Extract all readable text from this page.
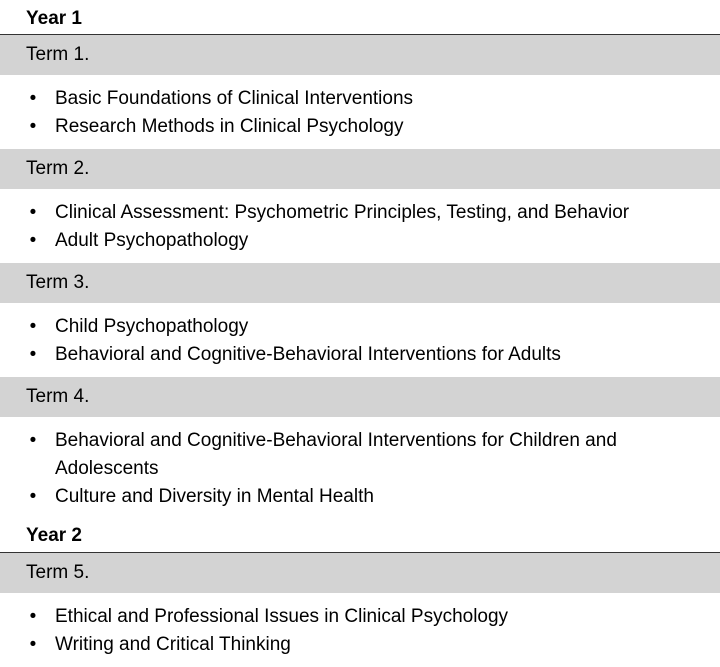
Year 1
Term 1.
• Basic Foundations of Clinical Interventions
• Research Methods in Clinical Psychology
Term 2.
• Clinical Assessment: Psychometric Principles, Testing, and Behavior
• Adult Psychopathology
Term 3.
• Child Psychopathology
• Behavioral and Cognitive-Behavioral Interventions for Adults
Term 4.
• Behavioral and Cognitive-Behavioral Interventions for Children and Adolescents
• Culture and Diversity in Mental Health
Year 2
Term 5.
• Ethical and Professional Issues in Clinical Psychology
• Writing and Critical Thinking
